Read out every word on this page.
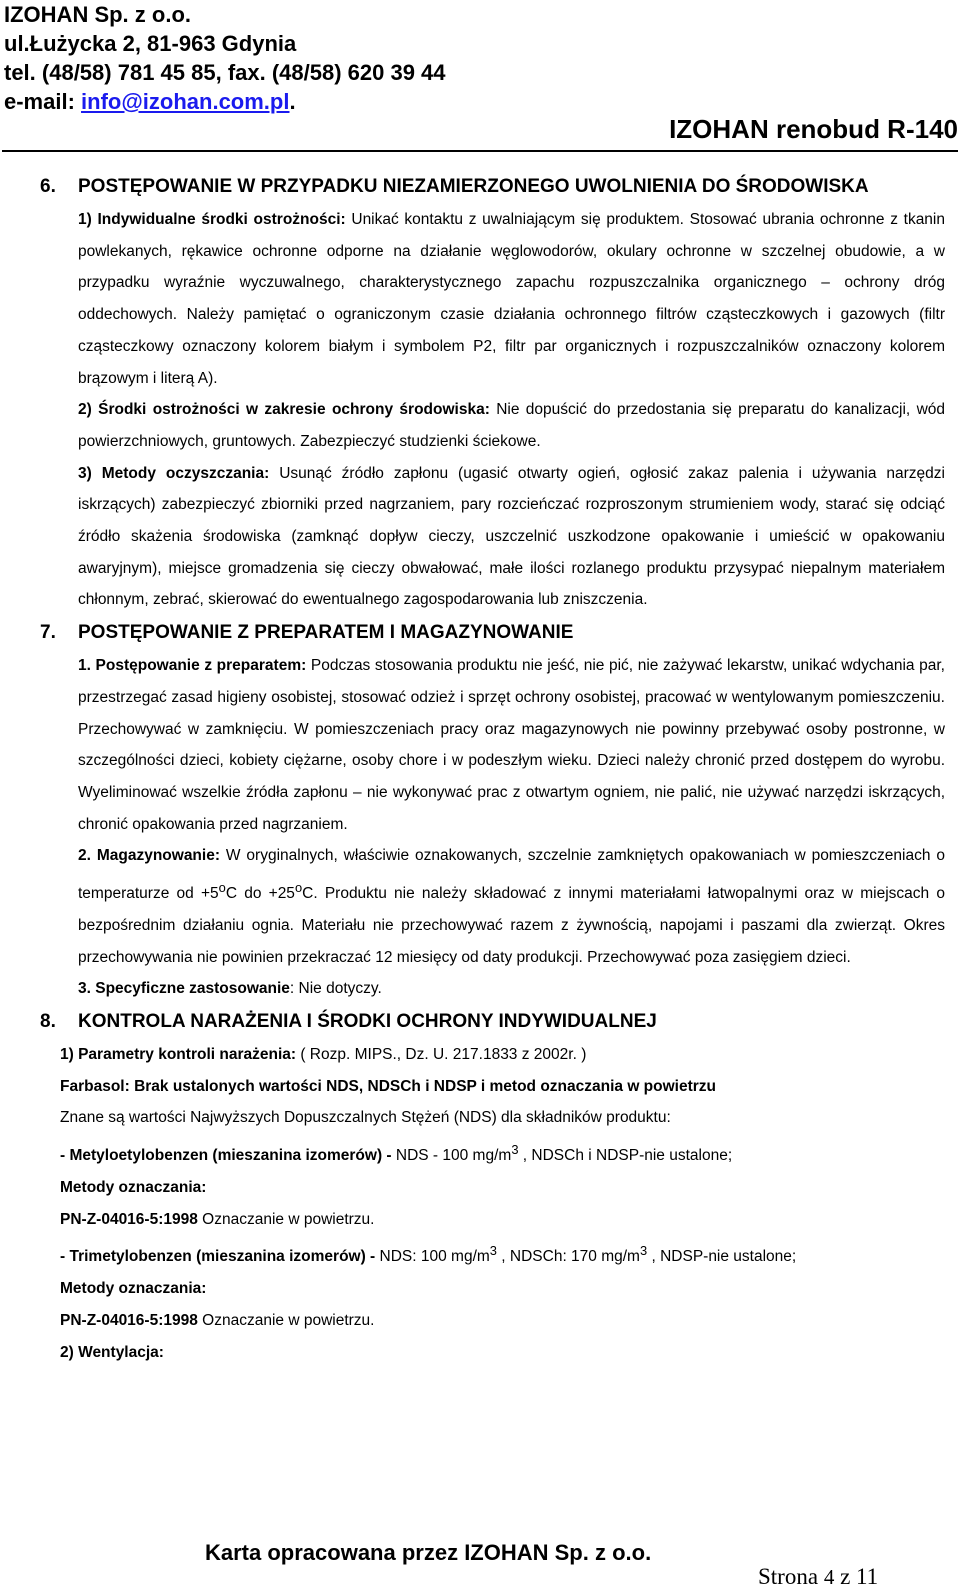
IZOHAN Sp. z o.o.
ul.Łużycka 2, 81-963 Gdynia
tel. (48/58) 781 45 85, fax. (48/58) 620 39 44
e-mail: info@izohan.com.pl.
IZOHAN renobud R-140
6.	POSTĘPOWANIE W PRZYPADKU NIEZAMIERZONEGO UWOLNIENIA DO ŚRODOWISKA
1) Indywidualne środki ostrożności: Unikać kontaktu z uwalniającym się produktem. Stosować ubrania ochronne z tkanin powlekanych, rękawice ochronne odporne na działanie węglowodorów, okulary ochronne w szczelnej obudowie, a w przypadku wyraźnie wyczuwalnego, charakterystycznego zapachu rozpuszczalnika organicznego – ochrony dróg oddechowych. Należy pamiętać o ograniczonym czasie działania ochronnego filtrów cząsteczkowych i gazowych (filtr cząsteczkowy oznaczony kolorem białym i symbolem P2, filtr par organicznych i rozpuszczalników oznaczony kolorem brązowym i literą A).
2) Środki ostrożności w zakresie ochrony środowiska: Nie dopuścić do przedostania się preparatu do kanalizacji, wód powierzchniowych, gruntowych. Zabezpieczyć studzienki ściekowe.
3) Metody oczyszczania: Usunąć źródło zapłonu (ugasić otwarty ogień, ogłosić zakaz palenia i używania narzędzi iskrzących) zabezpieczyć zbiorniki przed nagrzaniem, pary rozcieńczać rozproszonym strumieniem wody, starać się odciąć źródło skażenia środowiska (zamknąć dopływ cieczy, uszczelnić uszkodzone opakowanie i umieścić w opakowaniu awaryjnym), miejsce gromadzenia się cieczy obwałować, małe ilości rozlanego produktu przysypać niepalnym materiałem chłonnym, zebrać, skierować do ewentualnego zagospodarowania lub zniszczenia.
7.	POSTĘPOWANIE Z PREPARATEM I MAGAZYNOWANIE
1. Postępowanie z preparatem: Podczas stosowania produktu nie jeść, nie pić, nie zażywać lekarstw, unikać wdychania par, przestrzegać zasad higieny osobistej, stosować odzież i sprzęt ochrony osobistej, pracować w wentylowanym pomieszczeniu. Przechowywać w zamknięciu. W pomieszczeniach pracy oraz magazynowych nie powinny przebywać osoby postronne, w szczególności dzieci, kobiety ciężarne, osoby chore i w podeszłym wieku. Dzieci należy chronić przed dostępem do wyrobu. Wyeliminować wszelkie źródła zapłonu – nie wykonywać prac z otwartym ogniem, nie palić, nie używać narzędzi iskrzących, chronić opakowania przed nagrzaniem.
2. Magazynowanie: W oryginalnych, właściwie oznakowanych, szczelnie zamkniętych opakowaniach w pomieszczeniach o temperaturze od $+5^oC$ do $+25^oC$. Produktu nie należy składować z innymi materiałami łatwopalnymi oraz w miejscach o bezpośrednim działaniu ognia. Materiału nie przechowywać razem z żywnością, napojami i paszami dla zwierząt. Okres przechowywania nie powinien przekraczać 12 miesięcy od daty produkcji. Przechowywać poza zasięgiem dzieci.
3. Specyficzne zastosowanie: Nie dotyczy.
8.	KONTROLA NARAŻENIA I ŚRODKI OCHRONY INDYWIDUALNEJ
1) Parametry kontroli narażenia: ( Rozp. MIPS., Dz. U. 217.1833 z 2002r. )
Farbasol: Brak ustalonych wartości NDS, NDSCh i NDSP i metod oznaczania w powietrzu
Znane są wartości Najwyższych Dopuszczalnych Stężeń (NDS) dla składników produktu:
- Metyloetylobenzen (mieszanina izomerów) - NDS - 100 $mg/m^3$ , NDSCh i NDSP-nie ustalone;
Metody oznaczania:
PN-Z-04016-5:1998 Oznaczanie w powietrzu.
- Trimetylobenzen (mieszanina izomerów) - NDS: 100 $mg/m^3$ , NDSCh: 170 $mg/m^3$ , NDSP-nie ustalone;
Metody oznaczania:
PN-Z-04016-5:1998 Oznaczanie w powietrzu.
2) Wentylacja:
Karta opracowana przez IZOHAN Sp. z o.o.
Strona 4 z 11
